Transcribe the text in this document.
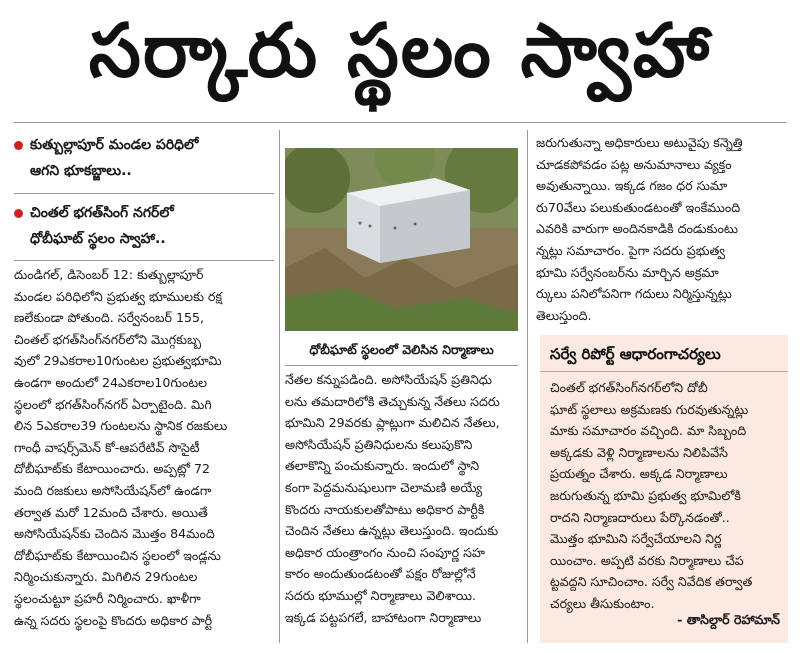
సర్కారు స్థలం స్వాహా
కుత్బుల్లాపూర్ మండల పరిధిలో
ఆగని భూకబ్జాలు..
చింతల్ భగత్‌సింగ్ నగర్‌లో
ధోబీఘాట్ స్థలం స్వాహా..

దుండిగల్, డిసెంబర్ 12: కుత్బుల్లాపూర్

మండల పరిధిలోని ప్రభుత్వ భూములకు రక్ష

ణలేకుండా పోతుంది. సర్వేనంబర్ 155,

చింతల్ భగత్‌సింగ్‌నగర్‌లోని మొగ్గకుబ్బ

వులో 29ఎకరాల10గుంటల ప్రభుత్వభూమి

ఉండగా అందులో 24ఎకరాల10గుంటల

స్థలంలో భగత్‌సింగ్‌నగర్ ఏర్పాటైంది. మిగి

లిన 5ఎకరాల39 గుంటలను స్థానిక రజకులు

గాంధీ వాషర్స్‌మెన్ కో-ఆపరేటివ్ సొసైటీ

దోబీఘాట్‌కు కేటాయించారు. అప్పట్లో 72

మంది రజకులు అసోసియేషన్‌లో ఉండగా

తర్వాత మరో 12మంది చేశారు. అయితే

అసోసియేషన్‌కు చెందిన మొత్తం 84మంది

దోబీఘాట్‌కు కేటాయించిన స్థలంలో ఇండ్లను

నిర్మించుకున్నారు. మిగిలిన 29గుంటల

స్థలంచుట్టూ ప్రహరీ నిర్మించారు. ఖాళీగా

ఉన్న సదరు స్థలంపై కొందరు అధికార పార్టీ

ధోబీఘాట్ స్థలంలో వెలిసిన నిర్మాణాలు

నేతల కన్నుపడింది. అసోసియేషన్ ప్రతినిధు

లను తమదారిలోకి తెచ్చుకున్న నేతలు సదరు

భూమిని 29వరకు ప్లాట్లుగా మలిచిన నేతలు,

అసోసియేషన్ ప్రతినిధులను కలుపుకొని

తలాకొన్ని పంచుకున్నారు. ఇందులో స్థాని

కంగా పెద్దమనుషులుగా చెలామణి అయ్యే

కొందరు నాయకులతోపాటు అధికార పార్టీకి

చెందిన నేతలు ఉన్నట్లు తెలుస్తుంది. ఇందుకు

అధికార యంత్రాంగం నుంచి సంపూర్ణ సహ

కారం అందుతుండటంతో పక్షం రోజుల్లోనే

సదరు భూముల్లో నిర్మాణాలు వెలిశాయి.

ఇక్కడ పట్టపగలే, బాహాటంగా నిర్మాణాలు

జరుగుతున్నా అధికారులు అటువైపు కన్నెత్తి

చూడకపోవడం పట్ల అనుమానాలు వ్యక్తం

అవుతున్నాయి. ఇక్కడ గజం ధర సుమా

రు70వేలు పలుకుతుండటంతో ఇంకేముంది

ఎవరికి వారుగా అందినకాడికి దండుకుంటు

న్నట్లు సమాచారం. పైగా సదరు ప్రభుత్వ

భూమి సర్వేనంబర్‌ను మార్చిన అక్రమా

ర్కులు పనిలోపనిగా గదులు నిర్మిస్తున్నట్లు

తెలుస్తుంది.

సర్వే రిపోర్ట్ ఆధారంగాచర్యలు

చింతల్ భగత్‌సింగ్‌నగర్‌లోని దోబీ

ఘాట్ స్థలాలు అక్రమణకు గురవుతున్నట్లు

మాకు సమాచారం వచ్చింది. మా సిబ్బంది

అక్కడకు వెళ్లి నిర్మాణాలను నిలిపివేసే

ప్రయత్నం చేశారు. అక్కడ నిర్మాణాలు

జరుగుతున్న భూమి ప్రభుత్వ భూమిలోకి

రాదని నిర్మాణదారులు పేర్కొనడంతో..

మొత్తం భూమిని సర్వేచేయాలని నిర్ణ

యించాం. అప్పటి వరకు నిర్మాణాలు చేప

ట్టవద్దని సూచించాం. సర్వే నివేదిక తర్వాత

చర్యలు తీసుకుంటాం.

- తాసిల్దార్ రెహామాన్
